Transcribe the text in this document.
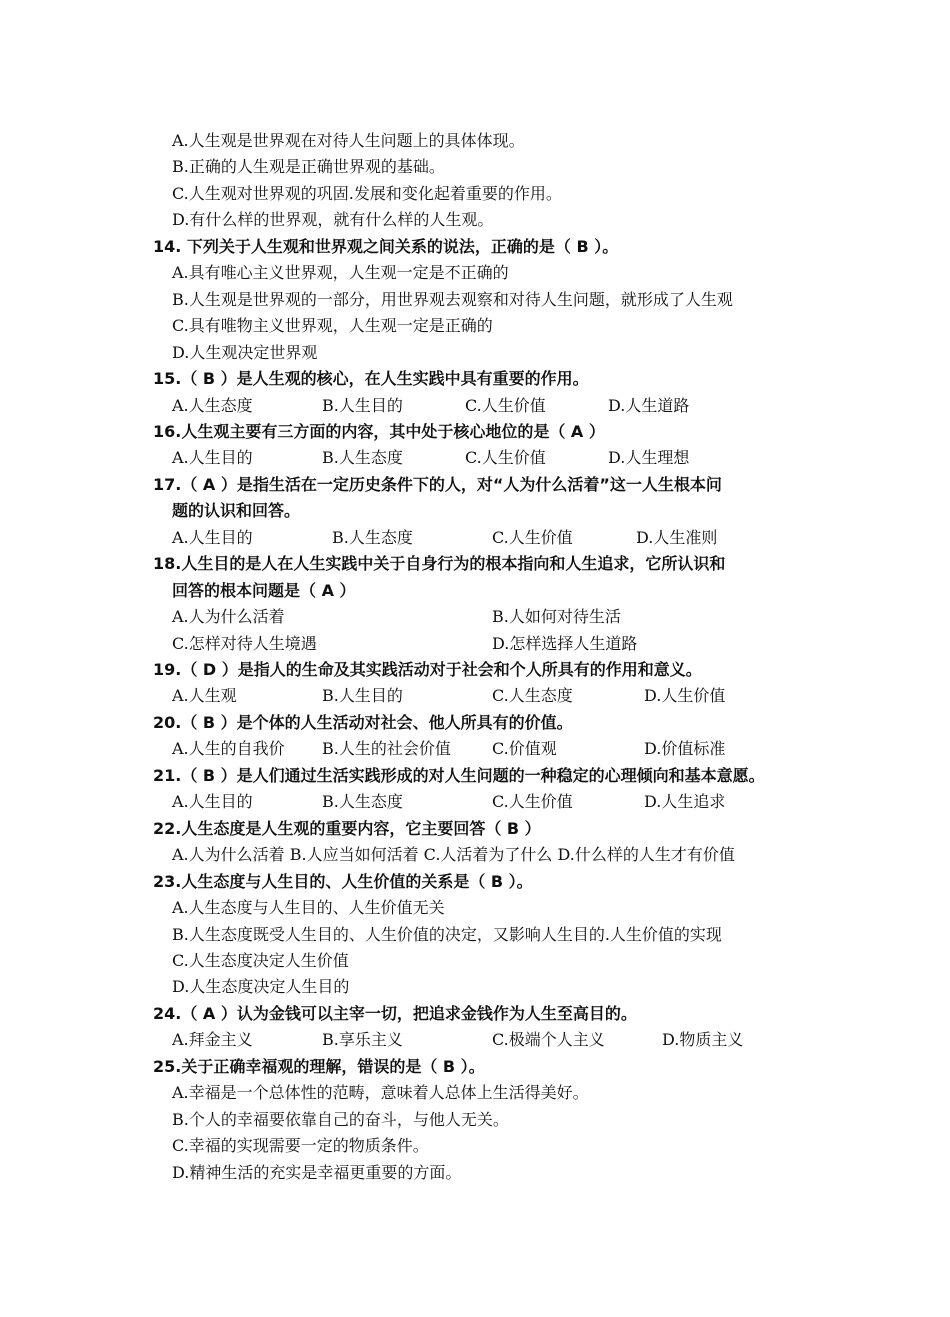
A.人生观是世界观在对待人生问题上的具体体现。
B.正确的人生观是正确世界观的基础。
C.人生观对世界观的巩固.发展和变化起着重要的作用。
D.有什么样的世界观，就有什么样的人生观。
14. 下列关于人生观和世界观之间关系的说法，正确的是（ B ）。
A.具有唯心主义世界观，人生观一定是不正确的
B.人生观是世界观的一部分，用世界观去观察和对待人生问题，就形成了人生观
C.具有唯物主义世界观，人生观一定是正确的
D.人生观决定世界观
15.（ B ）是人生观的核心，在人生实践中具有重要的作用。
A.人生态度	B.人生目的	C.人生价值	D.人生道路
16.人生观主要有三方面的内容，其中处于核心地位的是（ A ）
A.人生目的	B.人生态度	C.人生价值	D.人生理想
17.（ A ）是指生活在一定历史条件下的人，对“人为什么活着”这一人生根本问
题的认识和回答。
A.人生目的	B.人生态度	C.人生价值	D.人生准则
18.人生目的是人在人生实践中关于自身行为的根本指向和人生追求，它所认识和
回答的根本问题是（ A ）
A.人为什么活着	B.人如何对待生活
C.怎样对待人生境遇	D.怎样选择人生道路
19.（ D ）是指人的生命及其实践活动对于社会和个人所具有的作用和意义。
A.人生观	B.人生目的	C.人生态度	D.人生价值
20.（ B ）是个体的人生活动对社会、他人所具有的价值。
A.人生的自我价 B.人生的社会价值	C.价值观	D.价值标准
21.（ B ）是人们通过生活实践形成的对人生问题的一种稳定的心理倾向和基本意愿。
A.人生目的	B.人生态度	C.人生价值	D.人生追求
22.人生态度是人生观的重要内容，它主要回答（ B ）
A.人为什么活着 B.人应当如何活着 C.人活着为了什么 D.什么样的人生才有价值
23.人生态度与人生目的、人生价值的关系是（ B ）。
A.人生态度与人生目的、人生价值无关
B.人生态度既受人生目的、人生价值的决定，又影响人生目的.人生价值的实现
C.人生态度决定人生价值
D.人生态度决定人生目的
24.（ A ）认为金钱可以主宰一切，把追求金钱作为人生至高目的。
A.拜金主义	B.享乐主义	C.极端个人主义	D.物质主义
25.关于正确幸福观的理解，错误的是（ B ）。
A.幸福是一个总体性的范畴，意味着人总体上生活得美好。
B.个人的幸福要依靠自己的奋斗，与他人无关。
C.幸福的实现需要一定的物质条件。
D.精神生活的充实是幸福更重要的方面。
